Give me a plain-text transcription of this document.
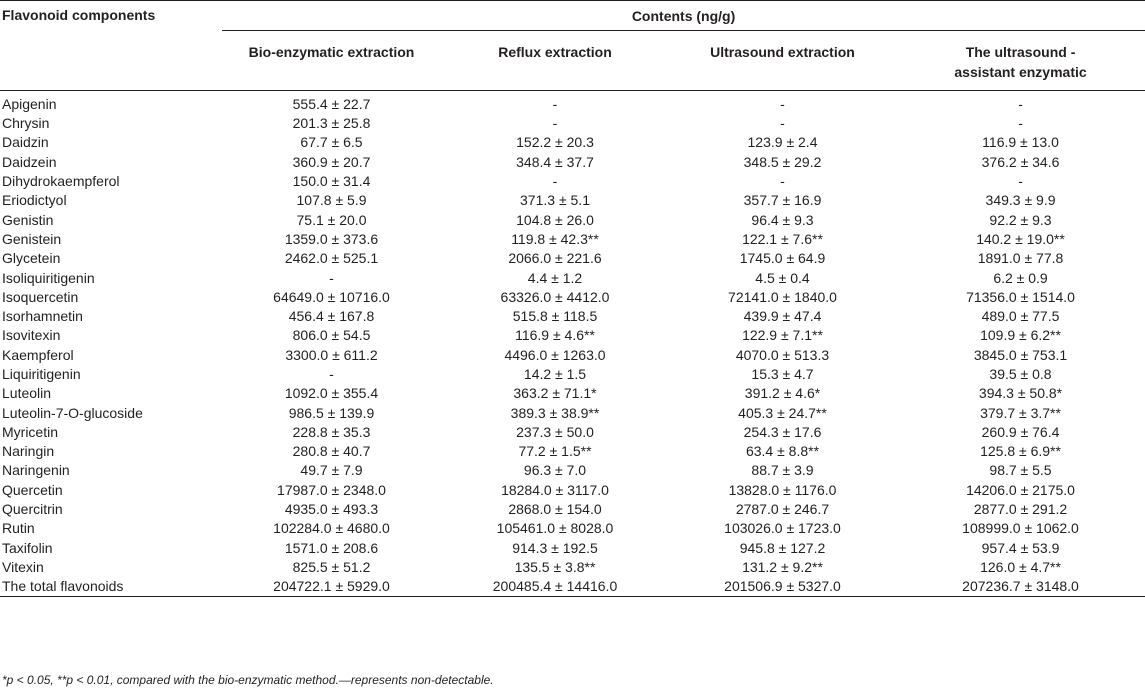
Flavonoid components	Contents (ng/g)			
	Bio-enzymatic extraction	Reflux extraction	Ultrasound extraction	The ultrasound -assistant enzymatic
Apigenin	555.4 ± 22.7	-	-	-
Chrysin	201.3 ± 25.8	-	-	-
Daidzin	67.7 ± 6.5	152.2 ± 20.3	123.9 ± 2.4	116.9 ± 13.0
Daidzein	360.9 ± 20.7	348.4 ± 37.7	348.5 ± 29.2	376.2 ± 34.6
Dihydrokaempferol	150.0 ± 31.4	-	-	-
Eriodictyol	107.8 ± 5.9	371.3 ± 5.1	357.7 ± 16.9	349.3 ± 9.9
Genistin	75.1 ± 20.0	104.8 ± 26.0	96.4 ± 9.3	92.2 ± 9.3
Genistein	1359.0 ± 373.6	119.8 ± 42.3**	122.1 ± 7.6**	140.2 ± 19.0**
Glycetein	2462.0 ± 525.1	2066.0 ± 221.6	1745.0 ± 64.9	1891.0 ± 77.8
Isoliquiritigenin	-	4.4 ± 1.2	4.5 ± 0.4	6.2 ± 0.9
Isoquercetin	64649.0 ± 10716.0	63326.0 ± 4412.0	72141.0 ± 1840.0	71356.0 ± 1514.0
Isorhamnetin	456.4 ± 167.8	515.8 ± 118.5	439.9 ± 47.4	489.0 ± 77.5
Isovitexin	806.0 ± 54.5	116.9 ± 4.6**	122.9 ± 7.1**	109.9 ± 6.2**
Kaempferol	3300.0 ± 611.2	4496.0 ± 1263.0	4070.0 ± 513.3	3845.0 ± 753.1
Liquiritigenin	-	14.2 ± 1.5	15.3 ± 4.7	39.5 ± 0.8
Luteolin	1092.0 ± 355.4	363.2 ± 71.1*	391.2 ± 4.6*	394.3 ± 50.8*
Luteolin-7-O-glucoside	986.5 ± 139.9	389.3 ± 38.9**	405.3 ± 24.7**	379.7 ± 3.7**
Myricetin	228.8 ± 35.3	237.3 ± 50.0	254.3 ± 17.6	260.9 ± 76.4
Naringin	280.8 ± 40.7	77.2 ± 1.5**	63.4 ± 8.8**	125.8 ± 6.9**
Naringenin	49.7 ± 7.9	96.3 ± 7.0	88.7 ± 3.9	98.7 ± 5.5
Quercetin	17987.0 ± 2348.0	18284.0 ± 3117.0	13828.0 ± 1176.0	14206.0 ± 2175.0
Quercitrin	4935.0 ± 493.3	2868.0 ± 154.0	2787.0 ± 246.7	2877.0 ± 291.2
Rutin	102284.0 ± 4680.0	105461.0 ± 8028.0	103026.0 ± 1723.0	108999.0 ± 1062.0
Taxifolin	1571.0 ± 208.6	914.3 ± 192.5	945.8 ± 127.2	957.4 ± 53.9
Vitexin	825.5 ± 51.2	135.5 ± 3.8**	131.2 ± 9.2**	126.0 ± 4.7**
The total flavonoids	204722.1 ± 5929.0	200485.4 ± 14416.0	201506.9 ± 5327.0	207236.7 ± 3148.0
*p < 0.05, **p < 0.01, compared with the bio-enzymatic method.—represents non-detectable.
